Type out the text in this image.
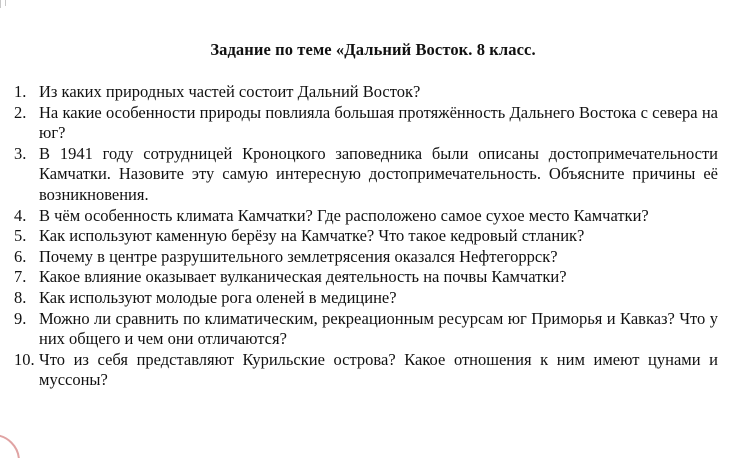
Задание по теме «Дальний Восток. 8 класс.
1. Из каких природных частей состоит Дальний Восток?
2. На какие особенности природы повлияла большая протяжённость Дальнего Востока с севера на юг?
3. В 1941 году сотрудницей Кроноцкого заповедника были описаны достопримечательности Камчатки. Назовите эту самую интересную достопримечательность. Объясните причины её возникновения.
4. В чём особенность климата Камчатки? Где расположено самое сухое место Камчатки?
5. Как используют каменную берёзу на Камчатке? Что такое кедровый стланик?
6. Почему в центре разрушительного землетрясения оказался Нефтегоррск?
7. Какое влияние оказывает вулканическая деятельность на почвы Камчатки?
8. Как используют молодые рога оленей в медицине?
9. Можно ли сравнить по климатическим, рекреационным ресурсам юг Приморья и Кавказ? Что у них общего и чем они отличаются?
10. Что из себя представляют Курильские острова? Какое отношения к ним имеют цунами и муссоны?
